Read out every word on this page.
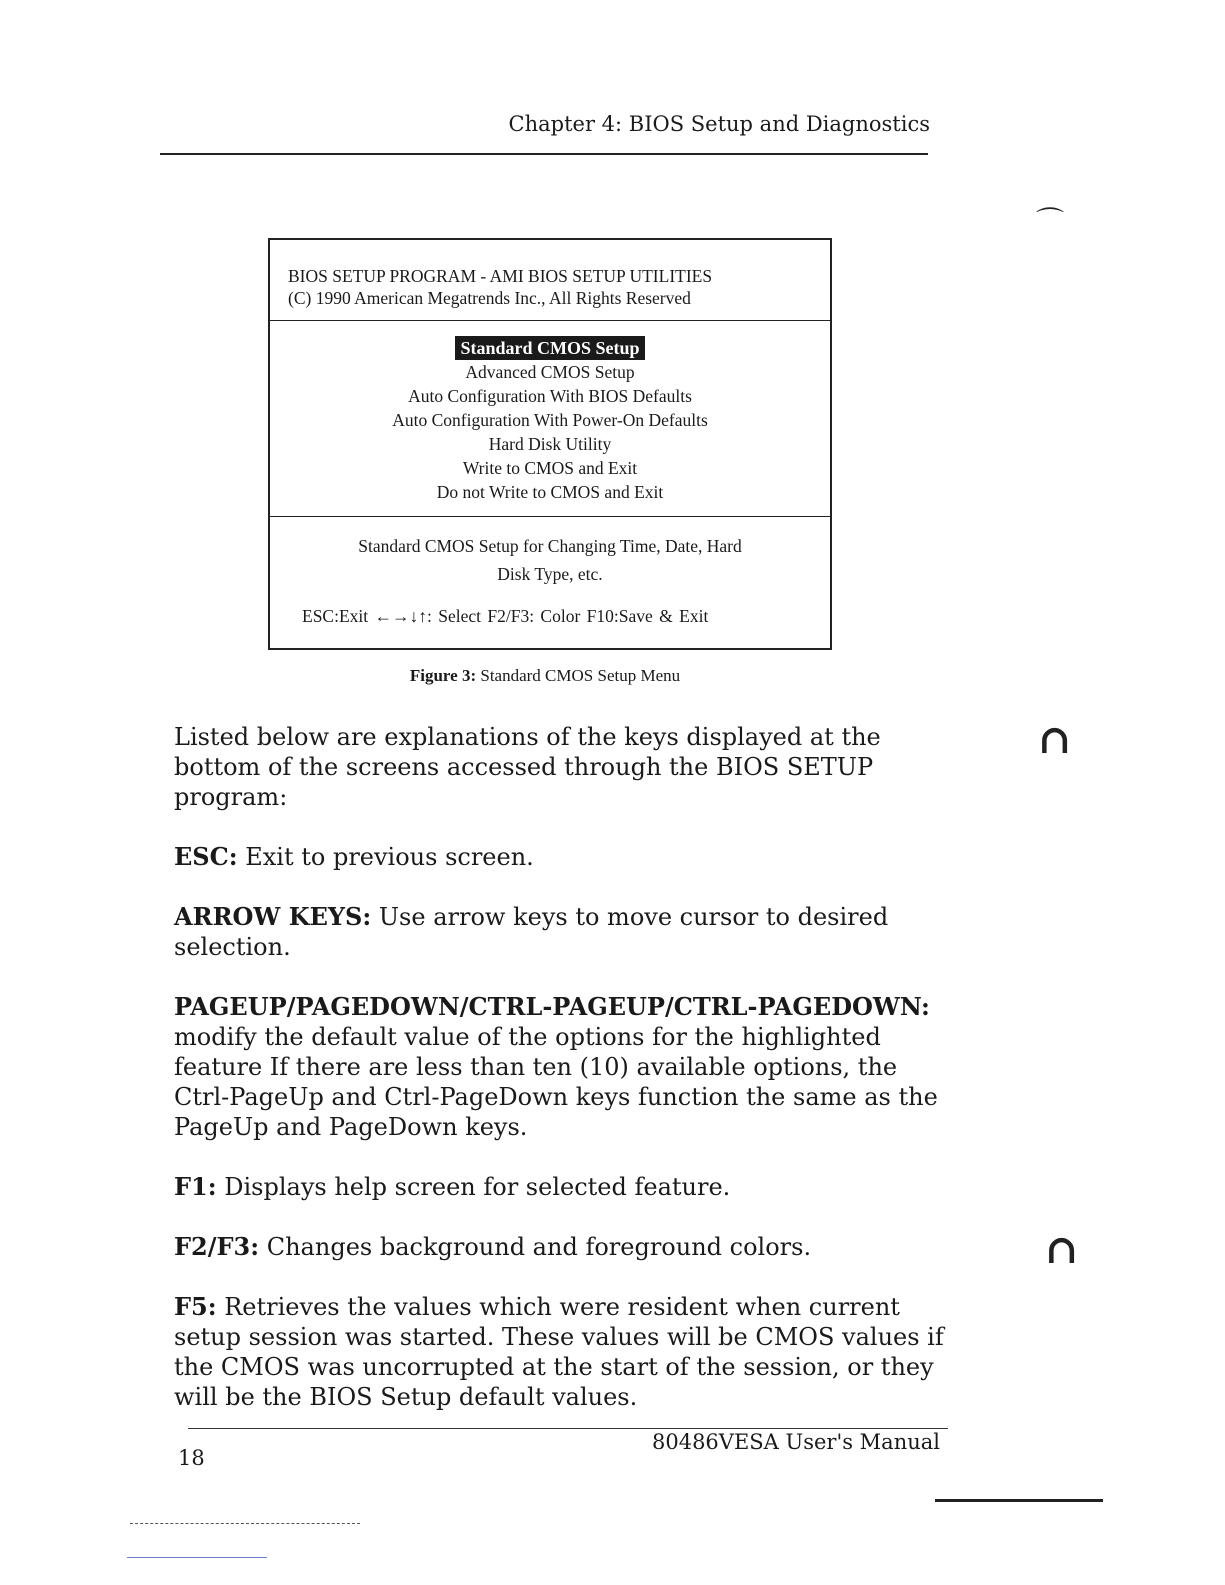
Chapter 4: BIOS Setup and Diagnostics
BIOS SETUP PROGRAM - AMI BIOS SETUP UTILITIES
(C) 1990 American Megatrends Inc., All Rights Reserved
Standard CMOS Setup
Advanced CMOS Setup
Auto Configuration With BIOS Defaults
Auto Configuration With Power-On Defaults
Hard Disk Utility
Write to CMOS and Exit
Do not Write to CMOS and Exit
Standard CMOS Setup for Changing Time, Date, Hard
Disk Type, etc.
ESC:Exit ←→↓↑: Select F2/F3: Color F10:Save & Exit
Figure 3: Standard CMOS Setup Menu

Listed below are explanations of the keys displayed at the bottom of the screens accessed through the BIOS SETUP program:

ESC: Exit to previous screen.

ARROW KEYS: Use arrow keys to move cursor to desired selection.

PAGEUP/PAGEDOWN/CTRL-PAGEUP/CTRL-PAGEDOWN: modify the default value of the options for the highlighted feature If there are less than ten (10) available options, the Ctrl-PageUp and Ctrl-PageDown keys function the same as the PageUp and PageDown keys.

F1: Displays help screen for selected feature.

F2/F3: Changes background and foreground colors.

F5: Retrieves the values which were resident when current setup session was started. These values will be CMOS values if the CMOS was uncorrupted at the start of the session, or they will be the BIOS Setup default values.

18
80486VESA User's Manual
⌒
∩
∩
